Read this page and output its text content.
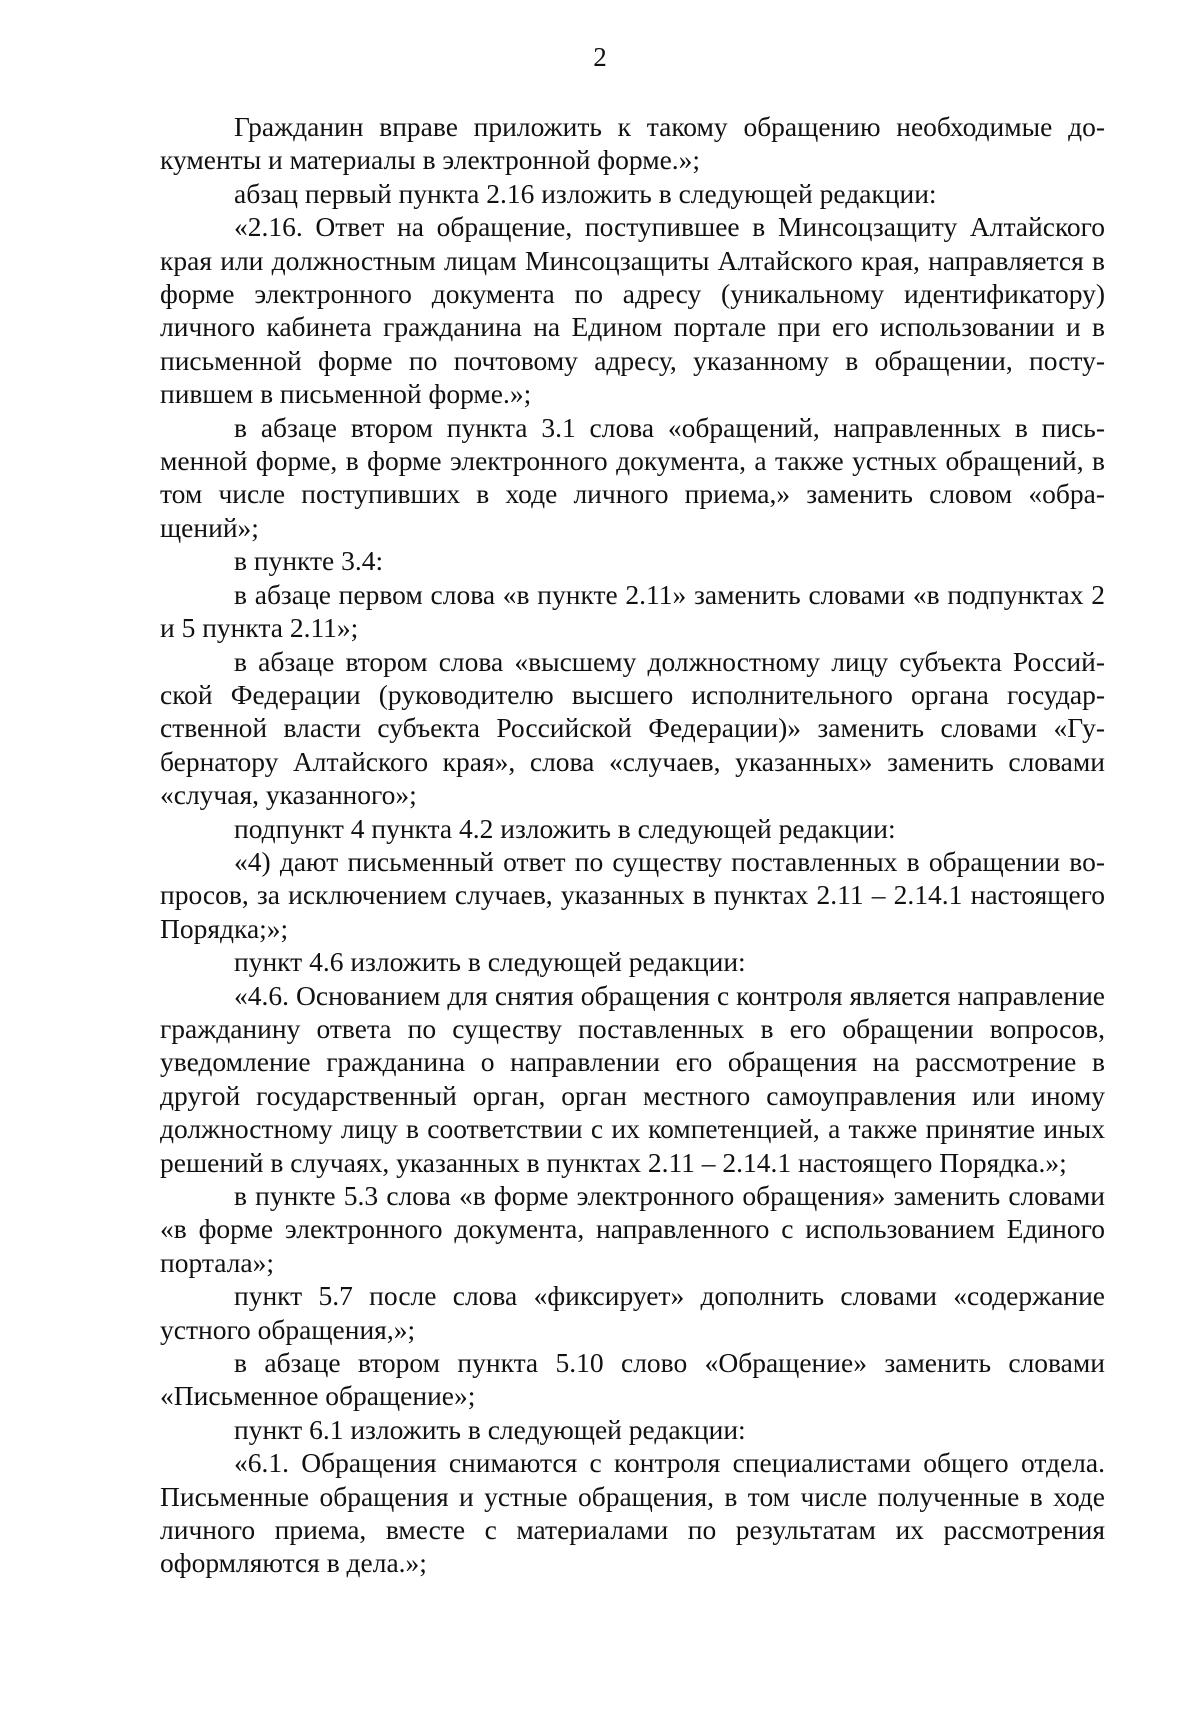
2

Гражданин вправе приложить к такому обращению необходимые документы и материалы в электронной форме.»;

абзац первый пункта 2.16 изложить в следующей редакции:

«2.16. Ответ на обращение, поступившее в Минсоцзащиту Алтайского края или должностным лицам Минсоцзащиты Алтайского края, направляется в форме электронного документа по адресу (уникальному идентификатору) личного кабинета гражданина на Едином портале при его использовании и в письменной форме по почтовому адресу, указанному в обращении, поступившем в письменной форме.»;

в абзаце втором пункта 3.1 слова «обращений, направленных в письменной форме, в форме электронного документа, а также устных обращений, в том числе поступивших в ходе личного приема,» заменить словом «обращений»;

в пункте 3.4:

в абзаце первом слова «в пункте 2.11» заменить словами «в подпунктах 2 и 5 пункта 2.11»;

в абзаце втором слова «высшему должностному лицу субъекта Российской Федерации (руководителю высшего исполнительного органа государственной власти субъекта Российской Федерации)» заменить словами «Губернатору Алтайского края», слова «случаев, указанных» заменить словами «случая, указанного»;

подпункт 4 пункта 4.2 изложить в следующей редакции:

«4) дают письменный ответ по существу поставленных в обращении вопросов, за исключением случаев, указанных в пунктах 2.11 – 2.14.1 настоящего Порядка;»;

пункт 4.6 изложить в следующей редакции:

«4.6. Основанием для снятия обращения с контроля является направление гражданину ответа по существу поставленных в его обращении вопросов, уведомление гражданина о направлении его обращения на рассмотрение в другой государственный орган, орган местного самоуправления или иному должностному лицу в соответствии с их компетенцией, а также принятие иных решений в случаях, указанных в пунктах 2.11 – 2.14.1 настоящего Порядка.»;

в пункте 5.3 слова «в форме электронного обращения» заменить словами «в форме электронного документа, направленного с использованием Единого портала»;

пункт 5.7 после слова «фиксирует» дополнить словами «содержание устного обращения,»;

в абзаце втором пункта 5.10 слово «Обращение» заменить словами «Письменное обращение»;

пункт 6.1 изложить в следующей редакции:

«6.1. Обращения снимаются с контроля специалистами общего отдела. Письменные обращения и устные обращения, в том числе полученные в ходе личного приема, вместе с материалами по результатам их рассмотрения оформляются в дела.»;
